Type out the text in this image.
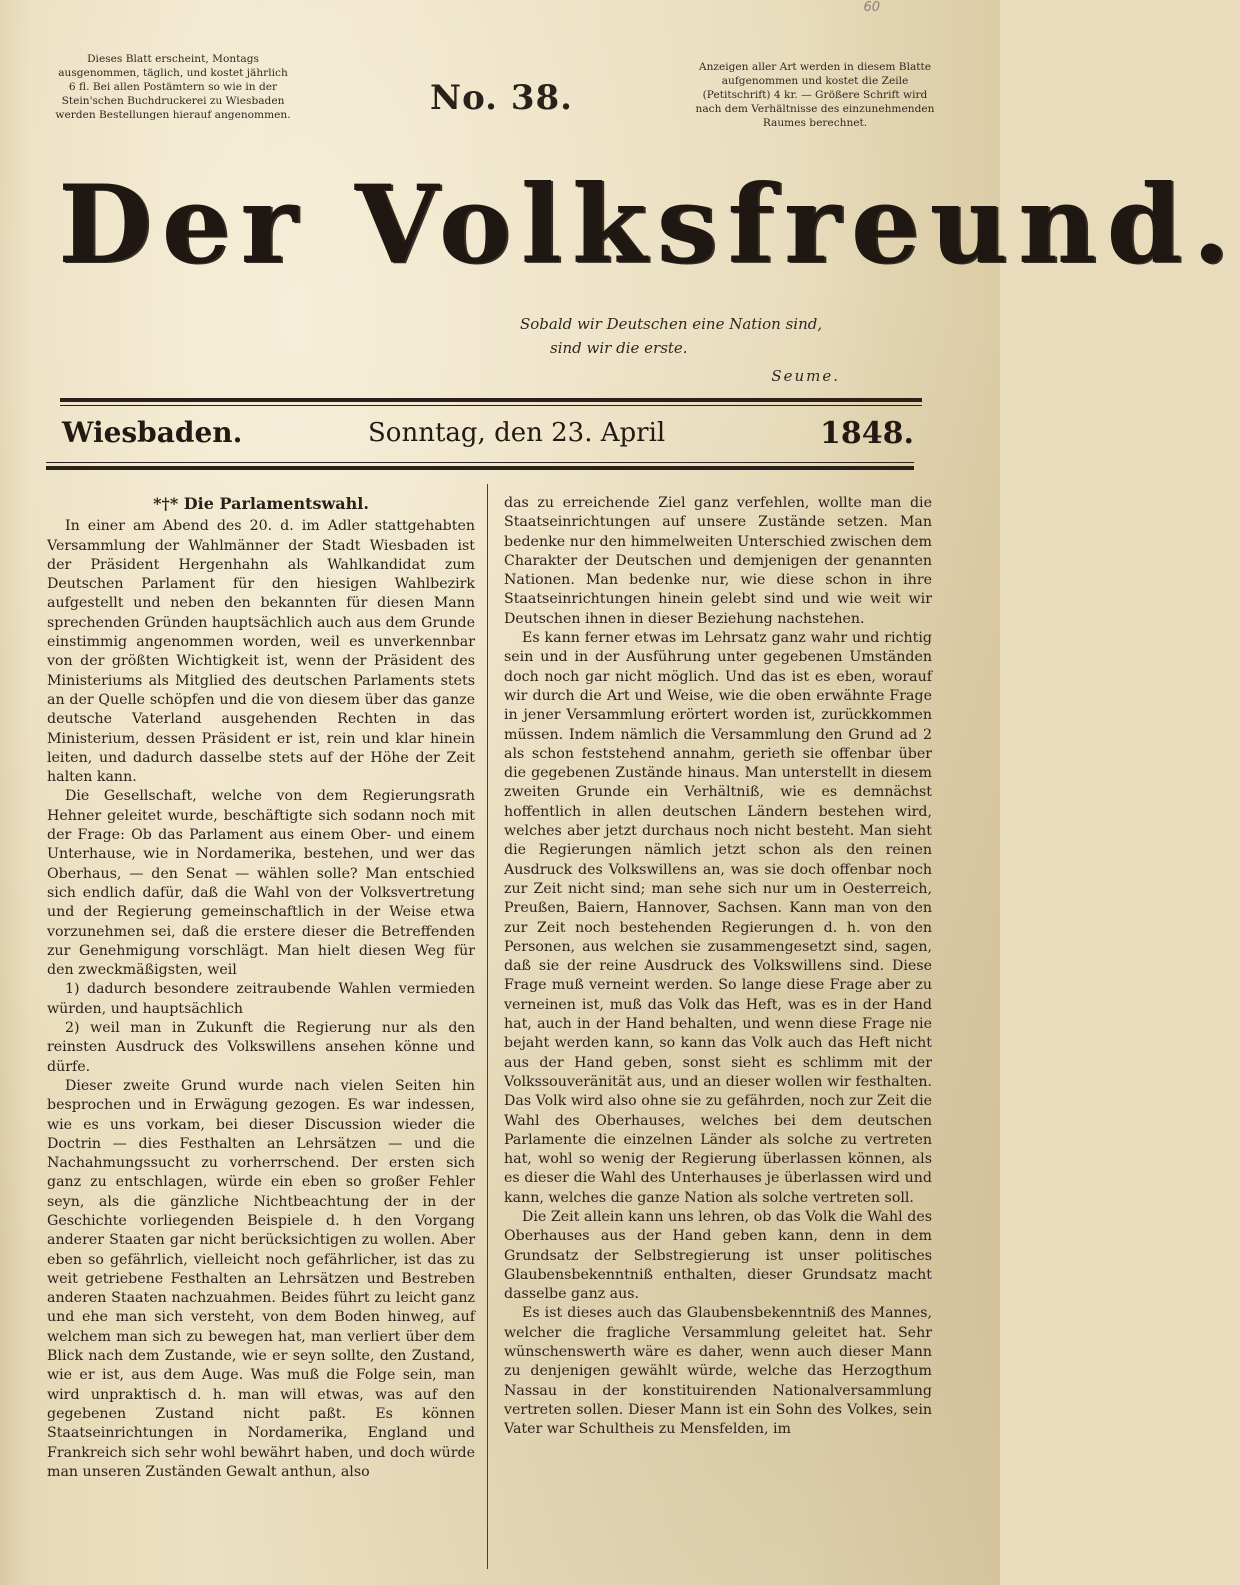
60
Dieses Blatt erscheint, Montags ausgenommen, täglich, und kostet jährlich 6 fl. Bei allen Postämtern so wie in der Stein'schen Buchdruckerei zu Wiesbaden werden Bestellungen hierauf angenommen.	No. 38.
Anzeigen aller Art werden in diesem Blatte aufgenommen und kostet die Zeile (Petitschrift) 4 kr. — Größere Schrift wird nach dem Verhältnisse des einzunehmenden Raumes berechnet.
Der Volksfreund.
Sobald wir Deutschen eine Nation sind,
sind wir die erste.
Seume.
Wiesbaden.	Sonntag, den 23. April	1848.
*†* Die Parlamentswahl.

In einer am Abend des 20. d. im Adler stattgehabten Versammlung der Wahlmänner der Stadt Wiesbaden ist der Präsident Hergenhahn als Wahlkandidat zum Deutschen Parlament für den hiesigen Wahlbezirk aufgestellt und neben den bekannten für diesen Mann sprechenden Gründen hauptsächlich auch aus dem Grunde einstimmig angenommen worden, weil es unverkennbar von der größten Wichtigkeit ist, wenn der Präsident des Ministeriums als Mitglied des deutschen Parlaments stets an der Quelle schöpfen und die von diesem über das ganze deutsche Vaterland ausgehenden Rechten in das Ministerium, dessen Präsident er ist, rein und klar hinein leiten, und dadurch dasselbe stets auf der Höhe der Zeit halten kann.

Die Gesellschaft, welche von dem Regierungsrath Hehner geleitet wurde, beschäftigte sich sodann noch mit der Frage: Ob das Parlament aus einem Ober- und einem Unterhause, wie in Nordamerika, bestehen, und wer das Oberhaus, — den Senat — wählen solle? Man entschied sich endlich dafür, daß die Wahl von der Volksvertretung und der Regierung gemeinschaftlich in der Weise etwa vorzunehmen sei, daß die erstere dieser die Betreffenden zur Genehmigung vorschlägt. Man hielt diesen Weg für den zweckmäßigsten, weil

1) dadurch besondere zeitraubende Wahlen vermieden würden, und hauptsächlich

2) weil man in Zukunft die Regierung nur als den reinsten Ausdruck des Volkswillens ansehen könne und dürfe.

Dieser zweite Grund wurde nach vielen Seiten hin besprochen und in Erwägung gezogen. Es war indessen, wie es uns vorkam, bei dieser Discussion wieder die Doctrin — dies Festhalten an Lehrsätzen — und die Nachahmungssucht zu vorherrschend. Der ersten sich ganz zu entschlagen, würde ein eben so großer Fehler seyn, als die gänzliche Nichtbeachtung der in der Geschichte vorliegenden Beispiele d. h den Vorgang anderer Staaten gar nicht berücksichtigen zu wollen. Aber eben so gefährlich, vielleicht noch gefährlicher, ist das zu weit getriebene Festhalten an Lehrsätzen und Bestreben anderen Staaten nachzuahmen. Beides führt zu leicht ganz und ehe man sich versteht, von dem Boden hinweg, auf welchem man sich zu bewegen hat, man verliert über dem Blick nach dem Zustande, wie er seyn sollte, den Zustand, wie er ist, aus dem Auge. Was muß die Folge sein, man wird unpraktisch d. h. man will etwas, was auf den gegebenen Zustand nicht paßt. Es können Staatseinrichtungen in Nordamerika, England und Frankreich sich sehr wohl bewährt haben, und doch würde man unseren Zuständen Gewalt anthun, also

das zu erreichende Ziel ganz verfehlen, wollte man die Staatseinrichtungen auf unsere Zustände setzen. Man bedenke nur den himmelweiten Unterschied zwischen dem Charakter der Deutschen und demjenigen der genannten Nationen. Man bedenke nur, wie diese schon in ihre Staatseinrichtungen hinein gelebt sind und wie weit wir Deutschen ihnen in dieser Beziehung nachstehen.

Es kann ferner etwas im Lehrsatz ganz wahr und richtig sein und in der Ausführung unter gegebenen Umständen doch noch gar nicht möglich. Und das ist es eben, worauf wir durch die Art und Weise, wie die oben erwähnte Frage in jener Versammlung erörtert worden ist, zurückkommen müssen. Indem nämlich die Versammlung den Grund ad 2 als schon feststehend annahm, gerieth sie offenbar über die gegebenen Zustände hinaus. Man unterstellt in diesem zweiten Grunde ein Verhältniß, wie es demnächst hoffentlich in allen deutschen Ländern bestehen wird, welches aber jetzt durchaus noch nicht besteht. Man sieht die Regierungen nämlich jetzt schon als den reinen Ausdruck des Volkswillens an, was sie doch offenbar noch zur Zeit nicht sind; man sehe sich nur um in Oesterreich, Preußen, Baiern, Hannover, Sachsen. Kann man von den zur Zeit noch bestehenden Regierungen d. h. von den Personen, aus welchen sie zusammengesetzt sind, sagen, daß sie der reine Ausdruck des Volkswillens sind. Diese Frage muß verneint werden. So lange diese Frage aber zu verneinen ist, muß das Volk das Heft, was es in der Hand hat, auch in der Hand behalten, und wenn diese Frage nie bejaht werden kann, so kann das Volk auch das Heft nicht aus der Hand geben, sonst sieht es schlimm mit der Volkssouveränität aus, und an dieser wollen wir festhalten. Das Volk wird also ohne sie zu gefährden, noch zur Zeit die Wahl des Oberhauses, welches bei dem deutschen Parlamente die einzelnen Länder als solche zu vertreten hat, wohl so wenig der Regierung überlassen können, als es dieser die Wahl des Unterhauses je überlassen wird und kann, welches die ganze Nation als solche vertreten soll.

Die Zeit allein kann uns lehren, ob das Volk die Wahl des Oberhauses aus der Hand geben kann, denn in dem Grundsatz der Selbstregierung ist unser politisches Glaubensbekenntniß enthalten, dieser Grundsatz macht dasselbe ganz aus.

Es ist dieses auch das Glaubensbekenntniß des Mannes, welcher die fragliche Versammlung geleitet hat. Sehr wünschenswerth wäre es daher, wenn auch dieser Mann zu denjenigen gewählt würde, welche das Herzogthum Nassau in der konstituirenden Nationalversammlung vertreten sollen. Dieser Mann ist ein Sohn des Volkes, sein Vater war Schultheis zu Mensfelden, im
